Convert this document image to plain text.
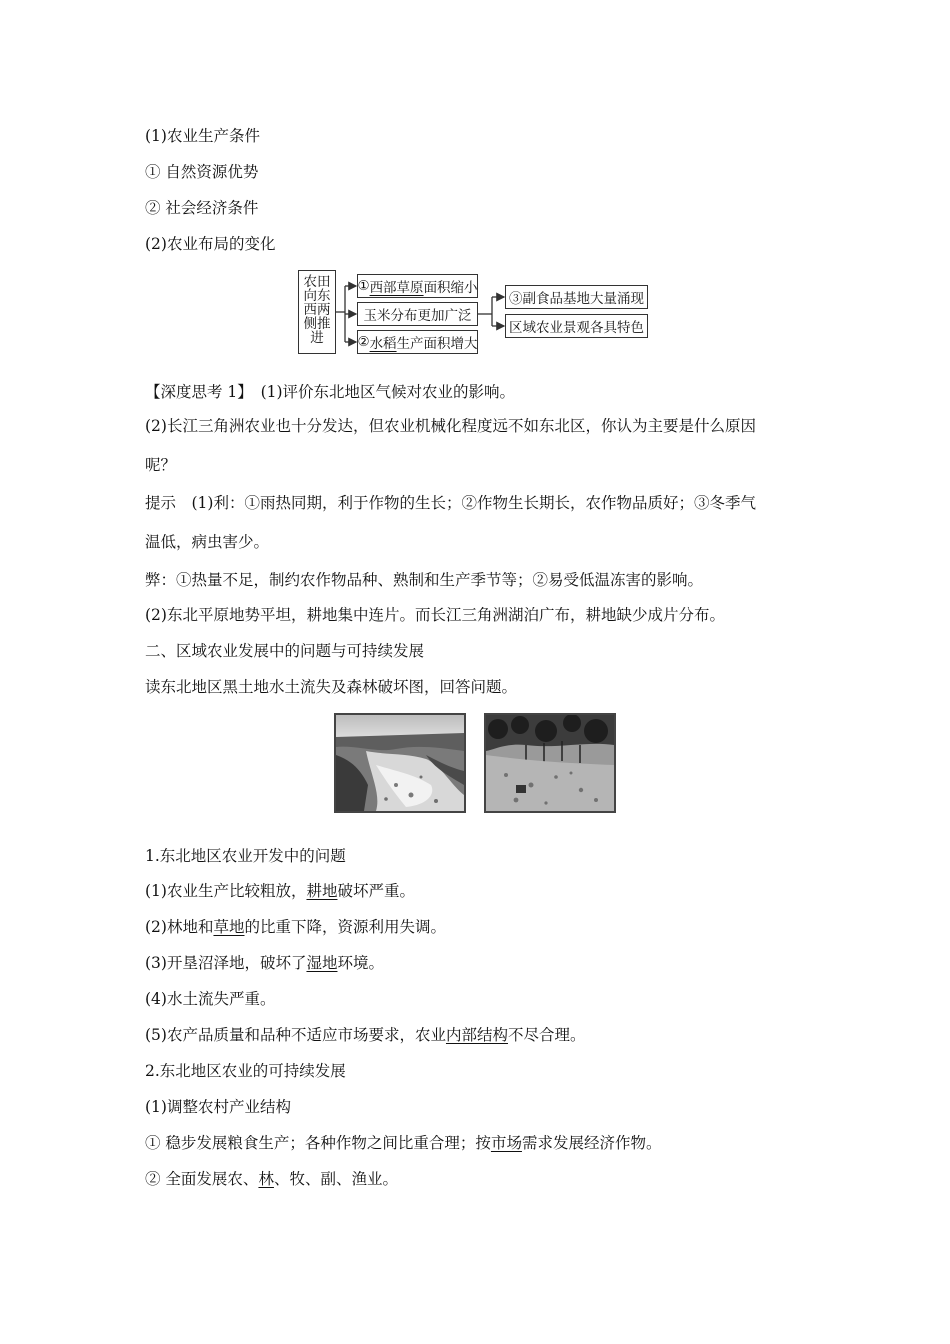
(1)农业生产条件
① 自然资源优势
② 社会经济条件
(2)农业布局的变化
农田
向东
西两
侧推
进
① 西部草原 面积缩小
玉米分布更加广泛
② 水稻 生产面积增大
③副食品基地大量涌现
区域农业景观各具特色
【深度思考 1】　 (1)评价东北地区气候对农业的影响。
(2)长江三角洲农业也十分发达，但农业机械化程度远不如东北区，你认为主要是什么原因
呢？
提示　(1)利：①雨热同期，利于作物的生长；②作物生长期长，农作物品质好；③冬季气
温低，病虫害少。
弊：①热量不足，制约农作物品种、熟制和生产季节等；②易受低温冻害的影响。
(2)东北平原地势平坦，耕地集中连片。而长江三角洲湖泊广布，耕地缺少成片分布。
二、区域农业发展中的问题与可持续发展
读东北地区黑土地水土流失及森林破坏图，回答问题。
1.东北地区农业开发中的问题
(1)农业生产比较粗放，耕地破坏严重。
(2)林地和草地的比重下降，资源利用失调。
(3)开垦沼泽地，破坏了湿地环境。
(4)水土流失严重。
(5)农产品质量和品种不适应市场要求，农业内部结构不尽合理。
2.东北地区农业的可持续发展
(1)调整农村产业结构
① 稳步发展粮食生产；各种作物之间比重合理；按市场需求发展经济作物。
② 全面发展农、林、牧、副、渔业。
